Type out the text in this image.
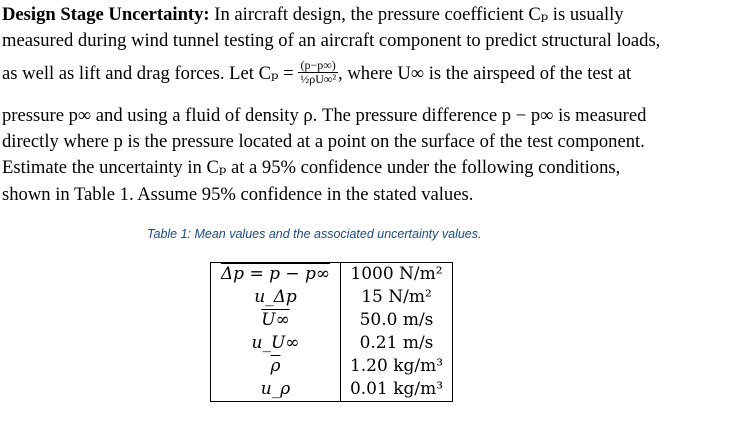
Design Stage Uncertainty: In aircraft design, the pressure coefficient Cₚ is usually
measured during wind tunnel testing of an aircraft component to predict structural loads,
as well as lift and drag forces. Let $C_p = \frac{(p-p\infty)}{\text{½ρU∞²}}$ , where U∞ is the airspeed of the test at
pressure p∞ and using a fluid of density ρ. The pressure difference p − p∞ is measured
directly where p is the pressure located at a point on the surface of the test component.
Estimate the uncertainty in Cₚ at a 95% confidence under the following conditions,
shown in Table 1. Assume 95% confidence in the stated values.
Table 1: Mean values and the associated uncertainty values.
Δp = p − p∞	1000 N/m²
u_Δp	15 N/m²
U∞	50.0 m/s
u_U∞	0.21 m/s
$\overline{\rho}$	1.20 kg/m³
u_ρ	0.01 kg/m³
